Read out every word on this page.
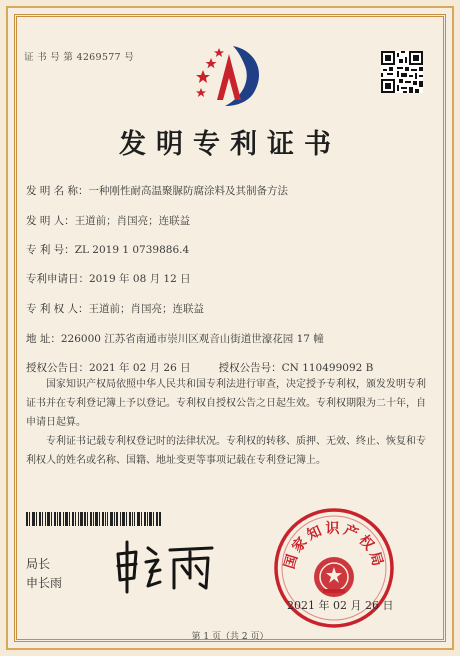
证 书 号 第 4269577 号
发明专利证书
发 明 名 称：一种刚性耐高温聚脲防腐涂料及其制备方法
发 明 人：王道前；肖国亮；连联益
专 利 号：ZL 2019 1 0739886.4
专利申请日：2019 年 08 月 12 日
专 利 权 人：王道前；肖国亮；连联益
地 址：226000 江苏省南通市崇川区观音山街道世濠花园 17 幢
授权公告日：2021 年 02 月 26 日	授权公告号：CN 110499092 B
国家知识产权局依照中华人民共和国专利法进行审查，决定授予专利权，颁发发明专利证书并在专利登记簿上予以登记。专利权自授权公告之日起生效。专利权期限为二十年，自申请日起算。
专利证书记载专利权登记时的法律状况。专利权的转移、质押、无效、终止、恢复和专利权人的姓名或名称、国籍、地址变更等事项记载在专利登记簿上。
局长
申长雨
国家知识产权局
2021 年 02 月 26 日
第 1 页（共 2 页）
